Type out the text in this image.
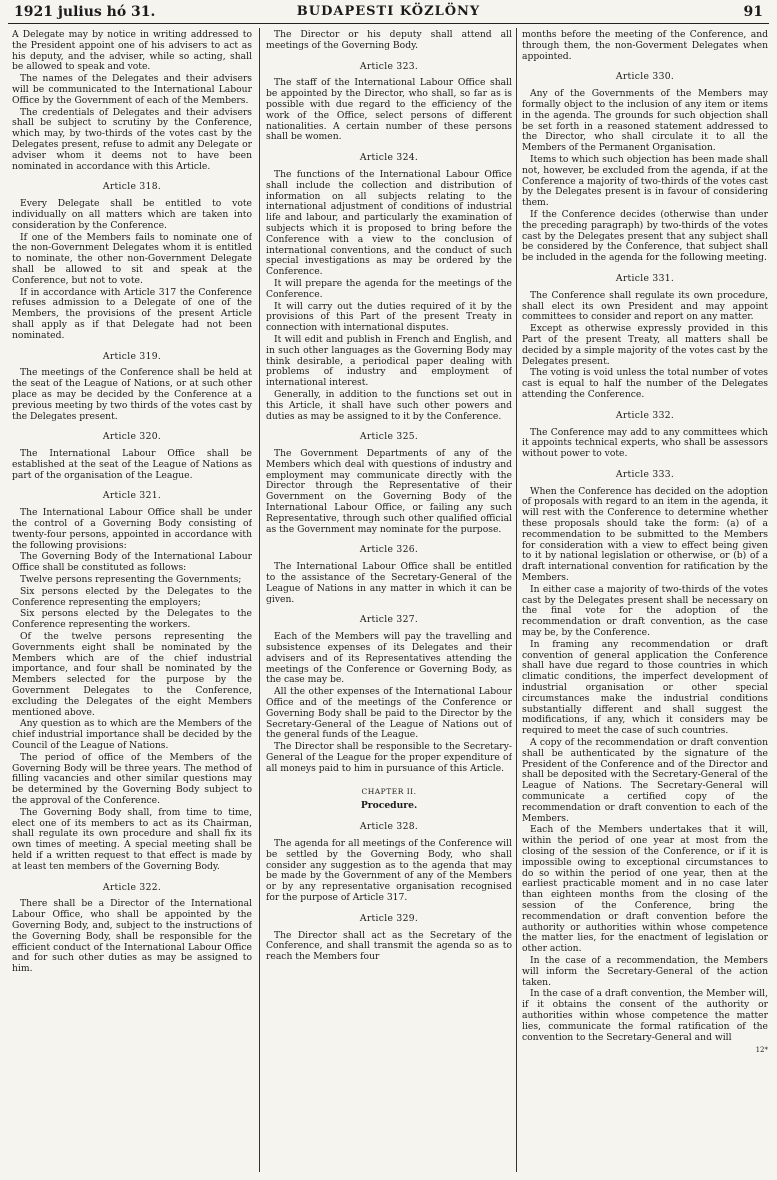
1921 julius hó 31.	BUDAPESTI KÖZLÖNY	91

A Delegate may by notice in writing addressed to the President appoint one of his advisers to act as his deputy, and the adviser, while so acting, shall be allowed to speak and vote.

The names of the Delegates and their advisers will be communicated to the International Labour Office by the Government of each of the Members.

The credentials of Delegates and their advisers shall be subject to scrutiny by the Conference, which may, by two-thirds of the votes cast by the Delegates present, refuse to admit any Delegate or adviser whom it deems not to have been nominated in accordance with this Article.

Article 318.

Every Delegate shall be entitled to vote individually on all matters which are taken into consideration by the Conference.

If one of the Members fails to nominate one of the non-Government Delegates whom it is entitled to nominate, the other non-Government Delegate shall be allowed to sit and speak at the Conference, but not to vote.

If in accordance with Article 317 the Conference refuses admission to a Delegate of one of the Members, the provisions of the present Article shall apply as if that Delegate had not been nominated.

Article 319.

The meetings of the Conference shall be held at the seat of the League of Nations, or at such other place as may be decided by the Conference at a previous meeting by two thirds of the votes cast by the Delegates present.

Article 320.

The International Labour Office shall be established at the seat of the League of Nations as part of the organisation of the League.

Article 321.

The International Labour Office shall be under the control of a Governing Body consisting of twenty-four persons, appointed in accordance with the following provisions:

The Governing Body of the International Labour Office shall be constituted as follows:

Twelve persons representing the Governments;

Six persons elected by the Delegates to the Conference representing the employers;

Six persons elected by the Delegates to the Conference representing the workers.

Of the twelve persons representing the Governments eight shall be nominated by the Members which are of the chief industrial importance, and four shall be nominated by the Members selected for the purpose by the Government Delegates to the Conference, excluding the Delegates of the eight Members mentioned above.

Any question as to which are the Members of the chief industrial importance shall be decided by the Council of the League of Nations.

The period of office of the Members of the Governing Body will be three years. The method of filling vacancies and other similar questions may be determined by the Governing Body subject to the approval of the Conference.

The Governing Body shall, from time to time, elect one of its members to act as its Chairman, shall regulate its own procedure and shall fix its own times of meeting. A special meeting shall be held if a written request to that effect is made by at least ten members of the Governing Body.

Article 322.

There shall be a Director of the International Labour Office, who shall be appointed by the Governing Body, and, subject to the instructions of the Governing Body, shall be responsible for the efficient conduct of the International Labour Office and for such other duties as may be assigned to him.

The Director or his deputy shall attend all meetings of the Governing Body.

Article 323.

The staff of the International Labour Office shall be appointed by the Director, who shall, so far as is possible with due regard to the efficiency of the work of the Office, select persons of different nationalities. A certain number of these persons shall be women.

Article 324.

The functions of the International Labour Office shall include the collection and distribution of information on all subjects relating to the international adjustment of conditions of industrial life and labour, and particularly the examination of subjects which it is proposed to bring before the Conference with a view to the conclusion of international conventions, and the conduct of such special investigations as may be ordered by the Conference.

It will prepare the agenda for the meetings of the Conference.

It will carry out the duties required of it by the provisions of this Part of the present Treaty in connection with international disputes.

It will edit and publish in French and English, and in such other languages as the Governing Body may think desirable, a periodical paper dealing with problems of industry and employment of international interest.

Generally, in addition to the functions set out in this Article, it shall have such other powers and duties as may be assigned to it by the Conference.

Article 325.

The Government Departments of any of the Members which deal with questions of industry and employment may communicate directly with the Director through the Representative of their Government on the Governing Body of the International Labour Office, or failing any such Representative, through such other qualified official as the Government may nominate for the purpose.

Article 326.

The International Labour Office shall be entitled to the assistance of the Secretary-General of the League of Nations in any matter in which it can be given.

Article 327.

Each of the Members will pay the travelling and subsistence expenses of its Delegates and their advisers and of its Representatives attending the meetings of the Conference or Governing Body, as the case may be.

All the other expenses of the International Labour Office and of the meetings of the Conference or Governing Body shall be paid to the Director by the Secretary-General of the League of Nations out of the general funds of the League.

The Director shall be responsible to the Secretary-General of the League for the proper expenditure of all moneys paid to him in pursuance of this Article.

CHAPTER II.
Procedure.
Article 328.

The agenda for all meetings of the Conference will be settled by the Governing Body, who shall consider any suggestion as to the agenda that may be made by the Government of any of the Members or by any representative organisation recognised for the purpose of Article 317.

Article 329.

The Director shall act as the Secretary of the Conference, and shall transmit the agenda so as to reach the Members four

months before the meeting of the Conference, and through them, the non-Goverment Delegates when appointed.

Article 330.

Any of the Governments of the Members may formally object to the inclusion of any item or items in the agenda. The grounds for such objection shall be set forth in a reasoned statement addressed to the Director, who shall circulate it to all the Members of the Permanent Organisation.

Items to which such objection has been made shall not, however, be excluded from the agenda, if at the Conference a majority of two-thirds of the votes cast by the Delegates present is in favour of considering them.

If the Conference decides (otherwise than under the preceding paragraph) by two-thirds of the votes cast by the Delegates present that any subject shall be considered by the Conference, that subject shall be included in the agenda for the following meeting.

Article 331.

The Conference shall regulate its own procedure, shall elect its own President and may appoint committees to consider and report on any matter.

Except as otherwise expressly provided in this Part of the present Treaty, all matters shall be decided by a simple majority of the votes cast by the Delegates present.

The voting is void unless the total number of votes cast is equal to half the number of the Delegates attending the Conference.

Article 332.

The Conference may add to any committees which it appoints technical experts, who shall be assessors without power to vote.

Article 333.

When the Conference has decided on the adoption of proposals with regard to an item in the agenda, it will rest with the Conference to determine whether these proposals should take the form: (a) of a recommendation to be submitted to the Members for consideration with a view to effect being given to it by national legislation or otherwise, or (b) of a draft international convention for ratification by the Members.

In either case a majority of two-thirds of the votes cast by the Delegates present shall be necessary on the final vote for the adoption of the recommendation or draft convention, as the case may be, by the Conference.

In framing any recommendation or draft convention of general application the Conference shall have due regard to those countries in which climatic conditions, the imperfect development of industrial organisation or other special circumstances make the industrial conditions substantially different and shall suggest the modifications, if any, which it considers may be required to meet the case of such countries.

A copy of the recommendation or draft convention shall be authenticated by the signature of the President of the Conference and of the Director and shall be deposited with the Secretary-General of the League of Nations. The Secretary-General will communicate a certified copy of the recommendation or draft convention to each of the Members.

Each of the Members undertakes that it will, within the period of one year at most from the closing of the session of the Conference, or if it is impossible owing to exceptional circumstances to do so within the period of one year, then at the earliest practicable moment and in no case later than eighteen months from the closing of the session of the Conference, bring the recommendation or draft convention before the authority or authorities within whose competence the matter lies, for the enactment of legislation or other action.

In the case of a recommendation, the Members will inform the Secretary-General of the action taken.

In the case of a draft convention, the Member will, if it obtains the consent of the authority or authorities within whose competence the matter lies, communicate the formal ratification of the convention to the Secretary-General and will

12*
